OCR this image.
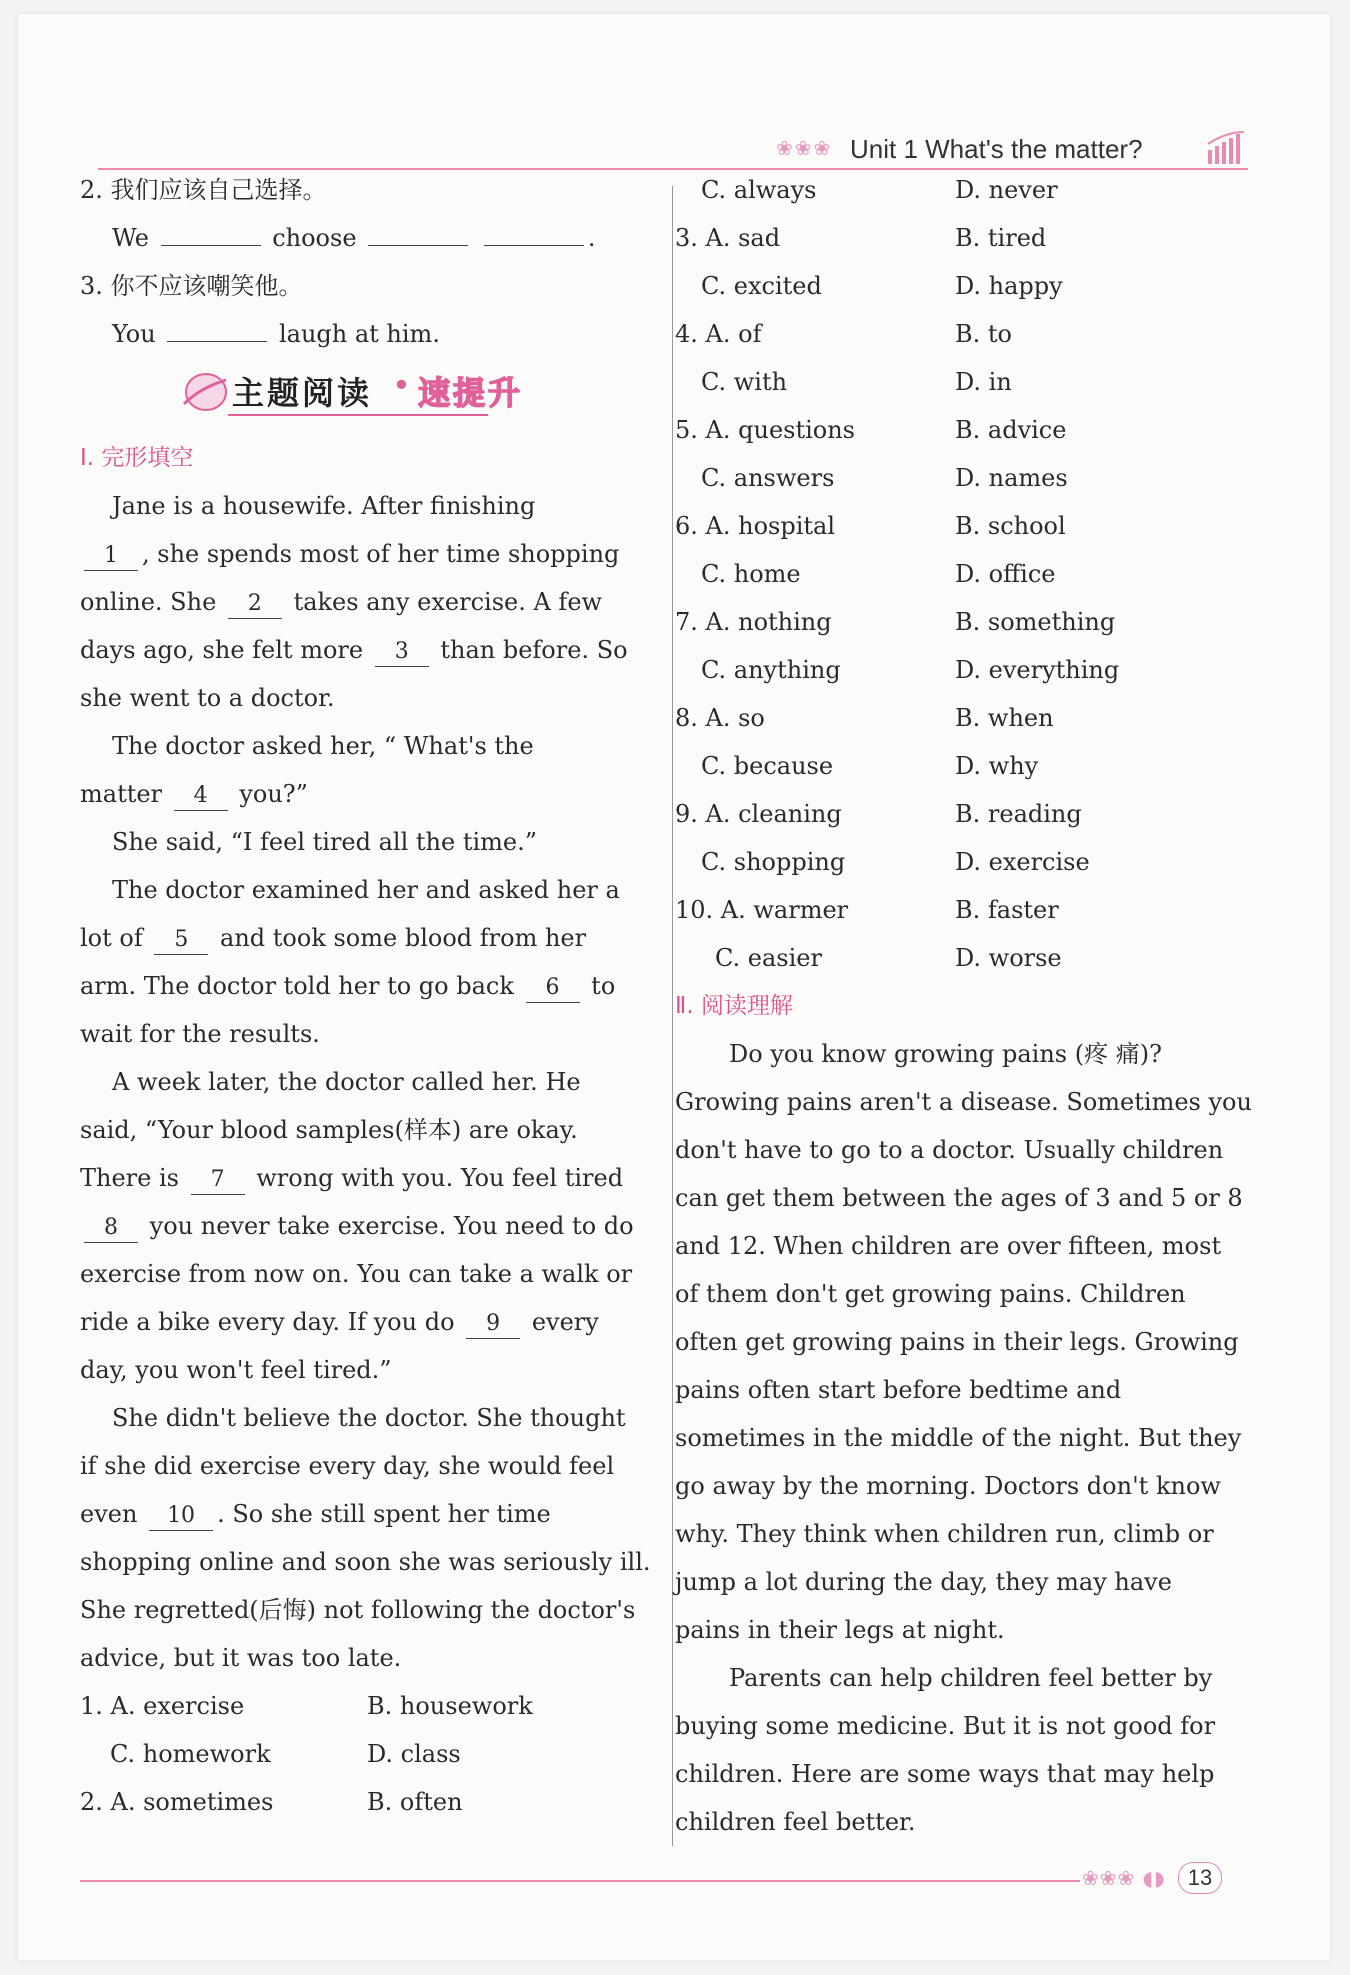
❀❀❀ Unit 1 What's the matter?
2. 我们应该自己选择。
We	choose	.
3. 你不应该嘲笑他。
You	laugh at him.
主题阅读 • 速提升
Ⅰ. 完形填空
Jane is a housewife. After finishing
1 , she spends most of her time shopping
online. She 2 takes any exercise. A few
days ago, she felt more 3 than before. So
she went to a doctor.
The doctor asked her, “ What's the
matter 4 you?”
She said, “I feel tired all the time.”
The doctor examined her and asked her a
lot of 5 and took some blood from her
arm. The doctor told her to go back 6 to
wait for the results.
A week later, the doctor called her. He
said, “Your blood samples(样本) are okay.
There is 7 wrong with you. You feel tired
8 you never take exercise. You need to do
exercise from now on. You can take a walk or
ride a bike every day. If you do 9 every
day, you won't feel tired.”
She didn't believe the doctor. She thought
if she did exercise every day, she would feel
even 10 . So she still spent her time
shopping online and soon she was seriously ill.
She regretted(后悔) not following the doctor's
advice, but it was too late.
1. A. exercise	B. housework
C. homework	D. class
2. A. sometimes	B. often
C. always	D. never
3. A. sad	B. tired
C. excited	D. happy
4. A. of	B. to
C. with	D. in
5. A. questions	B. advice
C. answers	D. names
6. A. hospital	B. school
C. home	D. office
7. A. nothing	B. something
C. anything	D. everything
8. A. so	B. when
C. because	D. why
9. A. cleaning	B. reading
C. shopping	D. exercise
10. A. warmer	B. faster
C. easier	D. worse
Ⅱ. 阅读理解
Do you know growing pains (疼 痛)?
Growing pains aren't a disease. Sometimes you
don't have to go to a doctor. Usually children
can get them between the ages of 3 and 5 or 8
and 12. When children are over fifteen, most
of them don't get growing pains. Children
often get growing pains in their legs. Growing
pains often start before bedtime and
sometimes in the middle of the night. But they
go away by the morning. Doctors don't know
why. They think when children run, climb or
jump a lot during the day, they may have
pains in their legs at night.
Parents can help children feel better by
buying some medicine. But it is not good for
children. Here are some ways that may help
children feel better.
❀❀❀ ◖◗	13
